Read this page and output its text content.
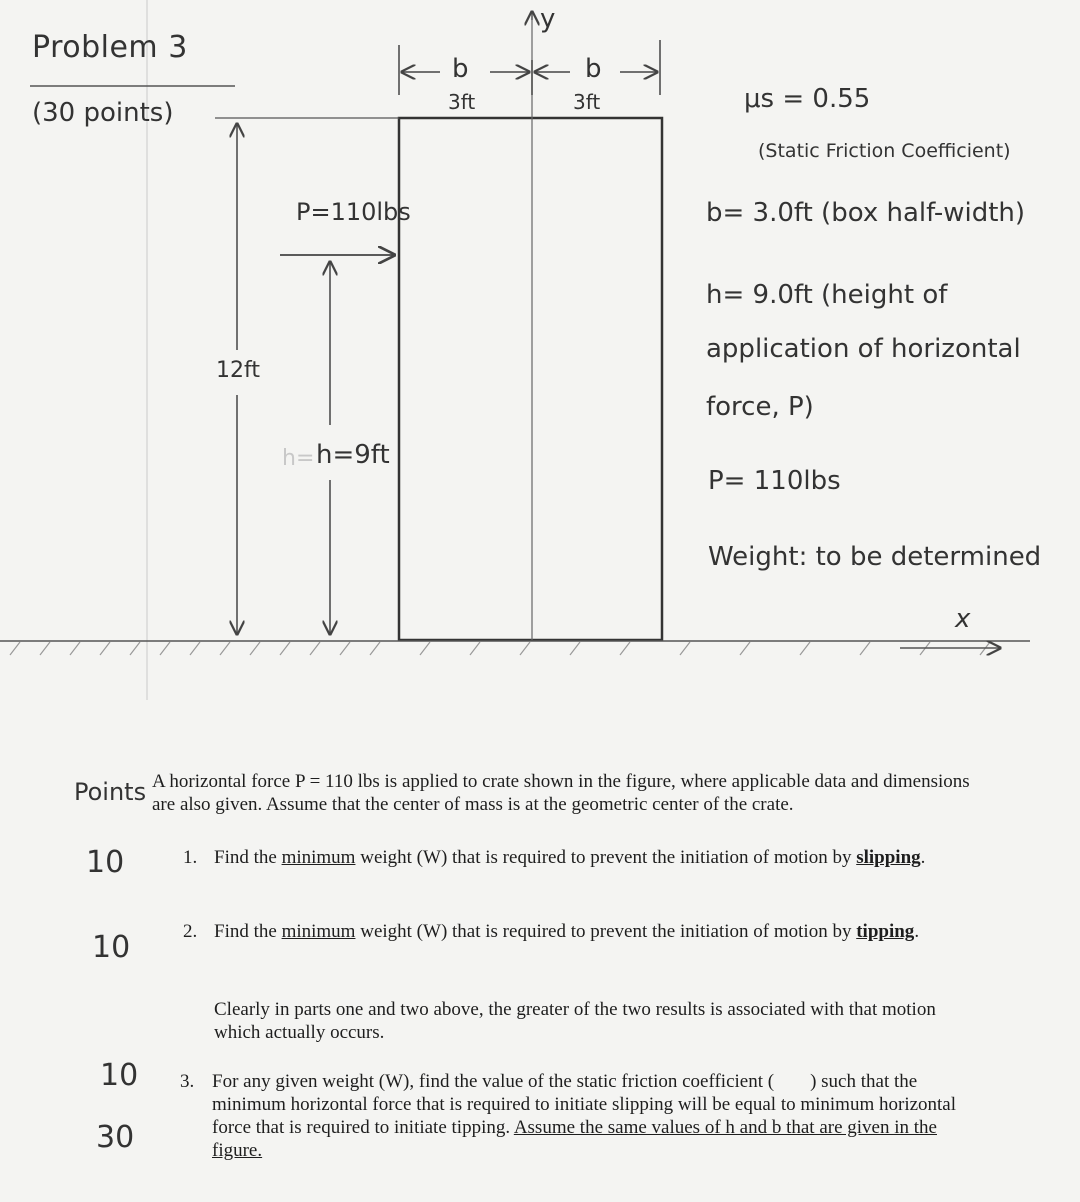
Problem 3
(30 points)
b	b
3ft	3ft
y
x
P=110lbs
12ft
h= h=9ft
μs = 0.55
(Static Friction Coefficient)
b= 3.0ft (box half-width)
h= 9.0ft (height of
application of horizontal
force, P)
P= 110lbs
Weight: to be determined
Points
10
10
10
30
A horizontal force P = 110 lbs is applied to crate shown in the figure, where applicable data and dimensions are also given. Assume that the center of mass is at the geometric center of the crate.
1. Find the minimum weight (W) that is required to prevent the initiation of motion by slipping.
2. Find the minimum weight (W) that is required to prevent the initiation of motion by tipping.
Clearly in parts one and two above, the greater of the two results is associated with that motion which actually occurs.
3. For any given weight (W), find the value of the static friction coefficient ( ) such that the minimum horizontal force that is required to initiate slipping will be equal to minimum horizontal force that is required to initiate tipping. Assume the same values of h and b that are given in the figure.
